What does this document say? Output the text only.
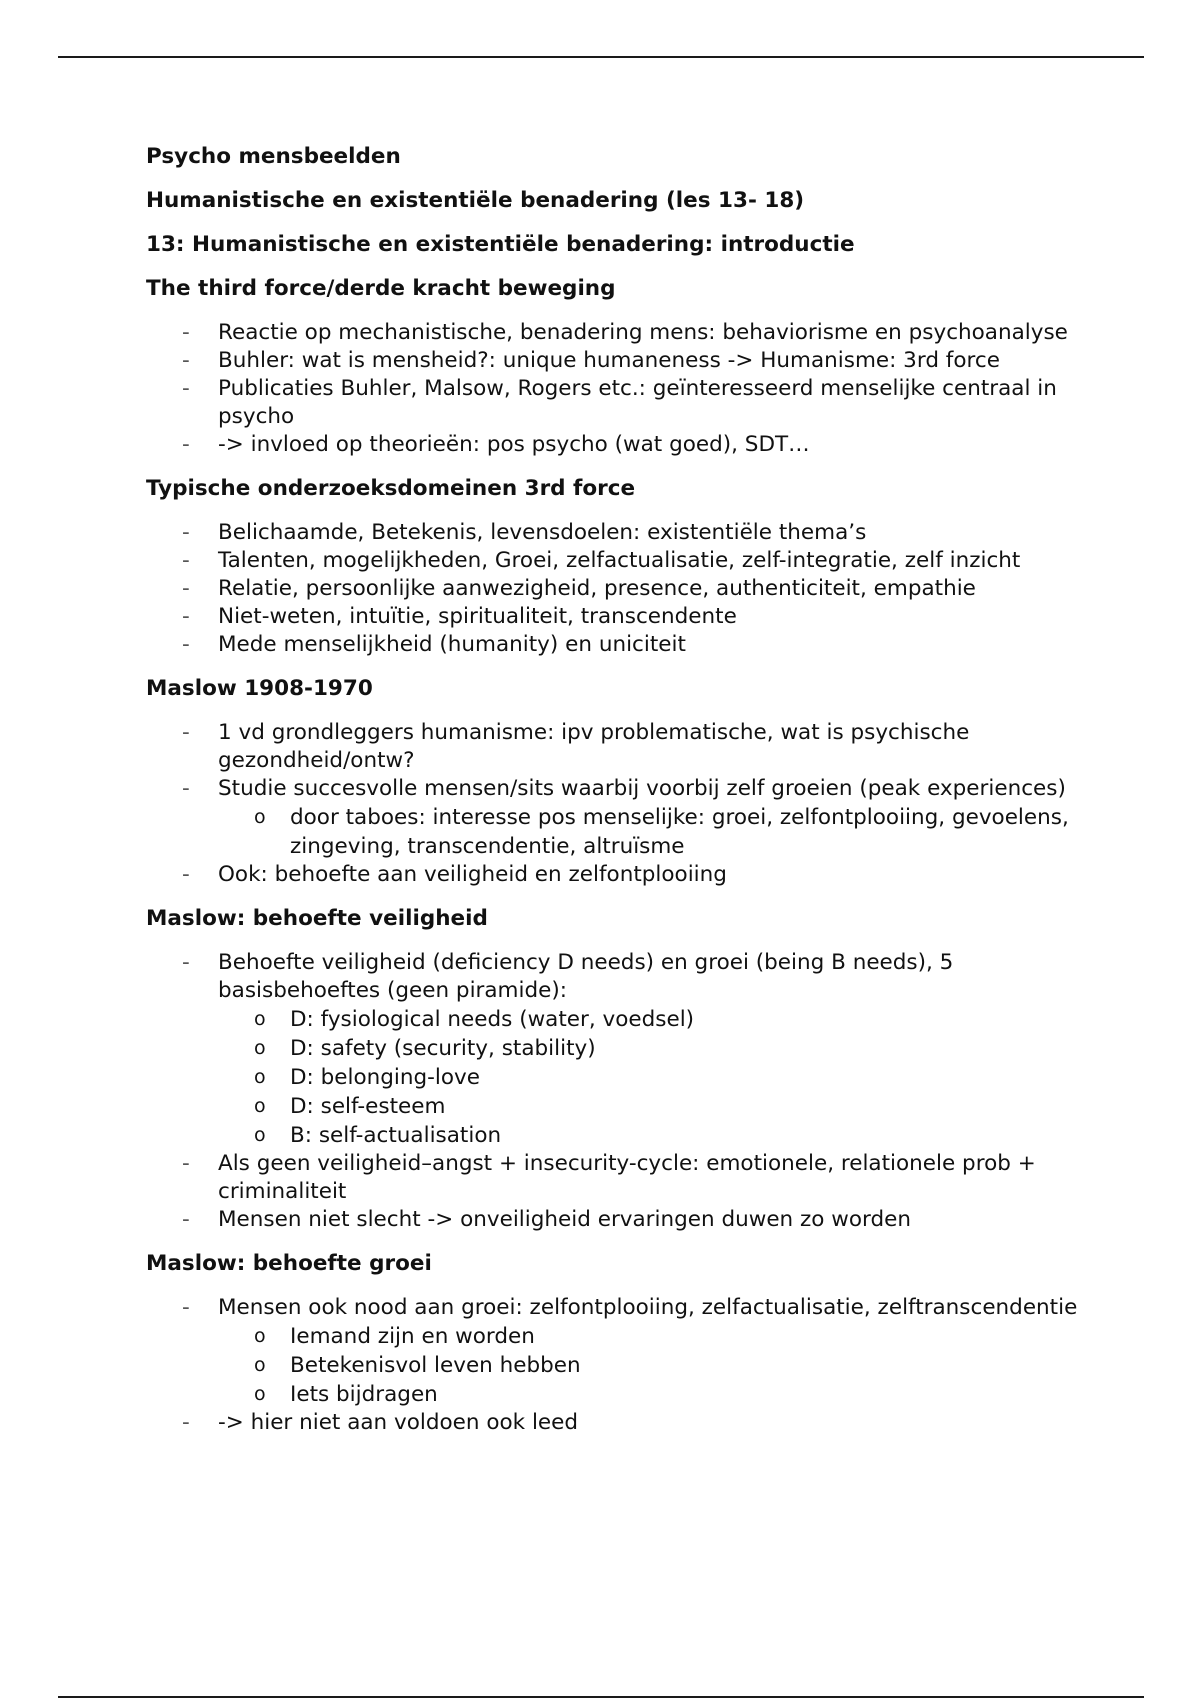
Psycho mensbeelden
Humanistische en existentiële benadering (les 13- 18)
13: Humanistische en existentiële benadering: introductie
The third force/derde kracht beweging
- Reactie op mechanistische, benadering mens: behaviorisme en psychoanalyse
- Buhler: wat is mensheid?: unique humaneness -> Humanisme: 3rd force
- Publicaties Buhler, Malsow, Rogers etc.: geïnteresseerd menselijke centraal in psycho
- -> invloed op theorieën: pos psycho (wat goed), SDT…
Typische onderzoeksdomeinen 3rd force
- Belichaamde, Betekenis, levensdoelen: existentiële thema’s
- Talenten, mogelijkheden, Groei, zelfactualisatie, zelf-integratie, zelf inzicht
- Relatie, persoonlijke aanwezigheid, presence, authenticiteit, empathie
- Niet-weten, intuïtie, spiritualiteit, transcendente
- Mede menselijkheid (humanity) en uniciteit
Maslow 1908-1970
- 1 vd grondleggers humanisme: ipv problematische, wat is psychische gezondheid/ontw?
- Studie succesvolle mensen/sits waarbij voorbij zelf groeien (peak experiences)
o door taboes: interesse pos menselijke: groei, zelfontplooiing, gevoelens, zingeving, transcendentie, altruïsme
- Ook: behoefte aan veiligheid en zelfontplooiing
Maslow: behoefte veiligheid
- Behoefte veiligheid (deficiency D needs) en groei (being B needs), 5 basisbehoeftes (geen piramide):
o D: fysiological needs (water, voedsel)
o D: safety (security, stability)
o D: belonging-love
o D: self-esteem
o B: self-actualisation
- Als geen veiligheid–angst + insecurity-cycle: emotionele, relationele prob + criminaliteit
- Mensen niet slecht -> onveiligheid ervaringen duwen zo worden
Maslow: behoefte groei
- Mensen ook nood aan groei: zelfontplooiing, zelfactualisatie, zelftranscendentie
o Iemand zijn en worden
o Betekenisvol leven hebben
o Iets bijdragen
- -> hier niet aan voldoen ook leed
